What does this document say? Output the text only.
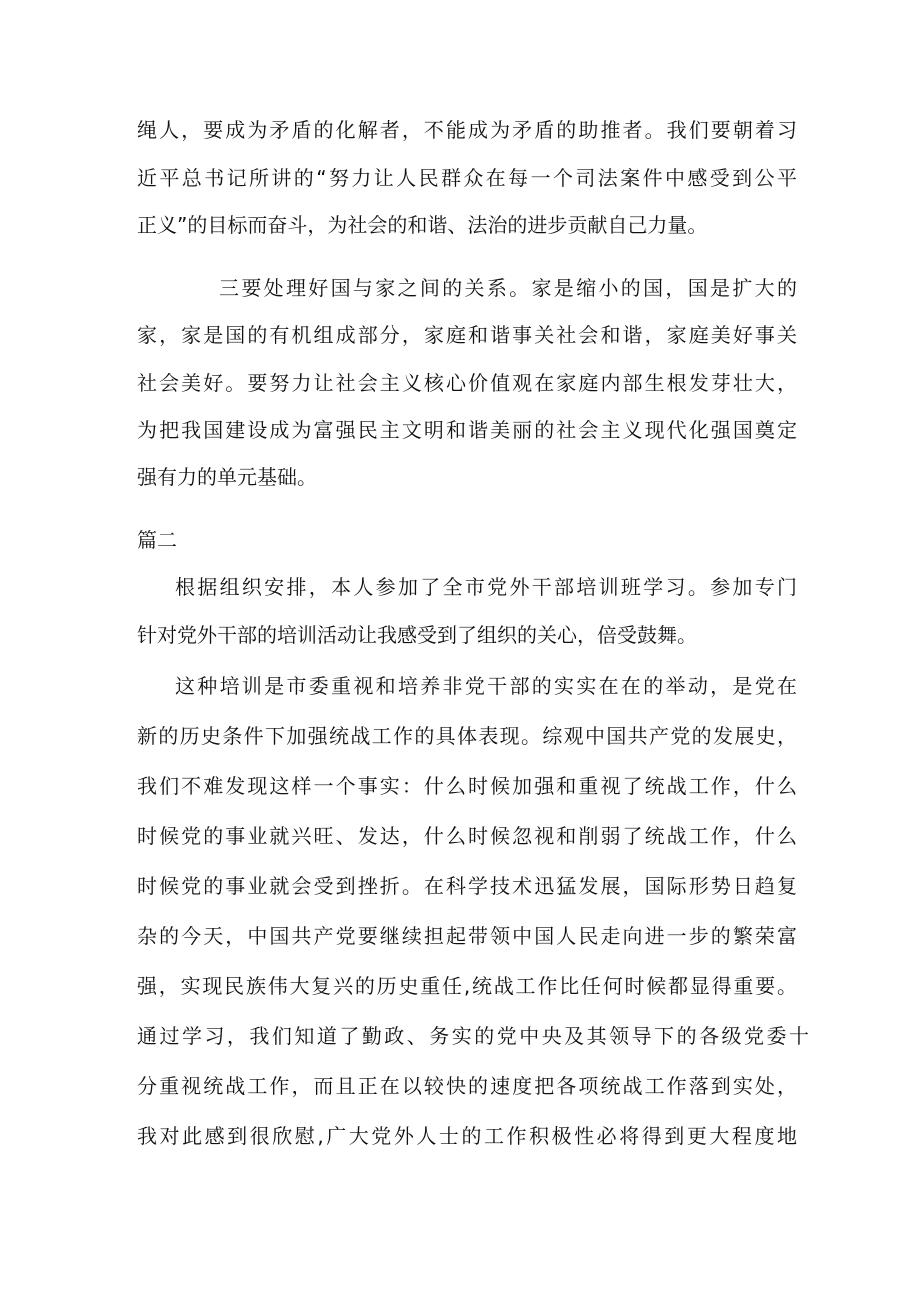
绳人，要成为矛盾的化解者，不能成为矛盾的助推者。我们要朝着习

近平总书记所讲的“努力让人民群众在每一个司法案件中感受到公平

正义”的目标而奋斗，为社会的和谐、法治的进步贡献自己力量。

三要处理好国与家之间的关系。家是缩小的国，国是扩大的

家，家是国的有机组成部分，家庭和谐事关社会和谐，家庭美好事关

社会美好。要努力让社会主义核心价值观在家庭内部生根发芽壮大，

为把我国建设成为富强民主文明和谐美丽的社会主义现代化强国奠定

强有力的单元基础。

篇二

根据组织安排，本人参加了全市党外干部培训班学习。参加专门

针对党外干部的培训活动让我感受到了组织的关心，倍受鼓舞。

这种培训是市委重视和培养非党干部的实实在在的举动，是党在

新的历史条件下加强统战工作的具体表现。综观中国共产党的发展史，

我们不难发现这样一个事实：什么时候加强和重视了统战工作，什么

时候党的事业就兴旺、发达，什么时候忽视和削弱了统战工作，什么

时候党的事业就会受到挫折。在科学技术迅猛发展，国际形势日趋复

杂的今天，中国共产党要继续担起带领中国人民走向进一步的繁荣富

强，实现民族伟大复兴的历史重任,统战工作比任何时候都显得重要。

通过学习，我们知道了勤政、务实的党中央及其领导下的各级党委十

分重视统战工作，而且正在以较快的速度把各项统战工作落到实处，

我对此感到很欣慰,广大党外人士的工作积极性必将得到更大程度地
